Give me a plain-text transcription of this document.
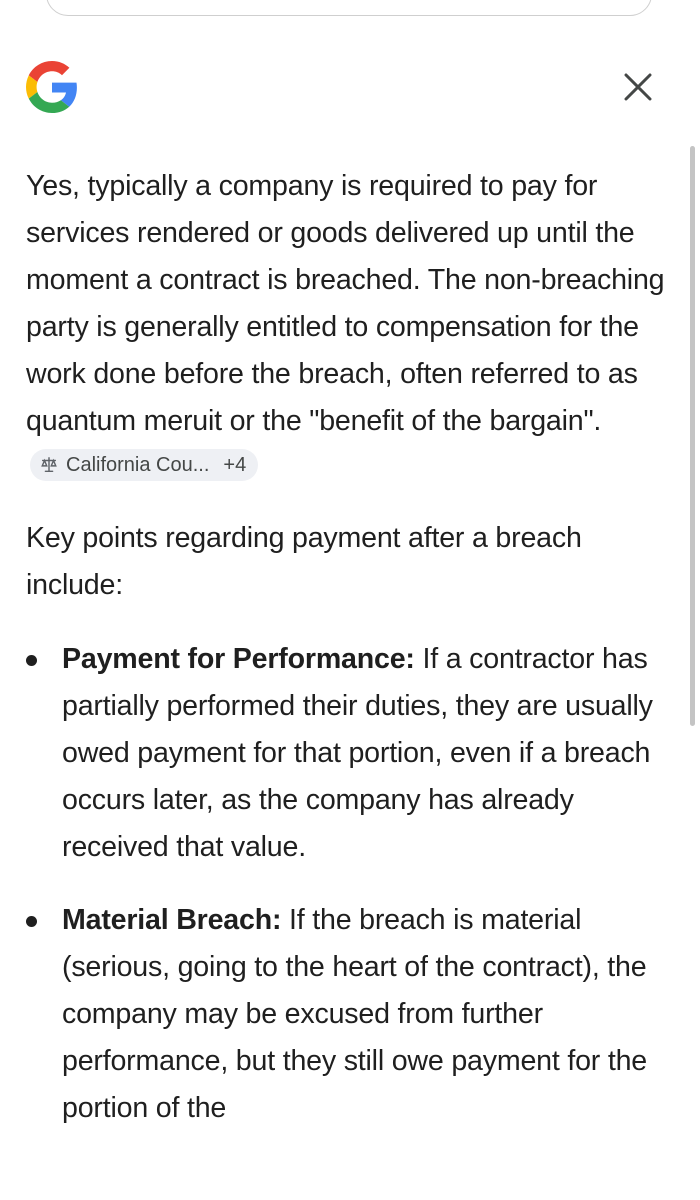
Yes, typically a company is required to pay for services rendered or goods delivered up until the moment a contract is breached. The non-breaching party is generally entitled to compensation for the work done before the breach, often referred to as quantum meruit or the "benefit of the bargain".
California Cou... +4

Key points regarding payment after a breach include:

Payment for Performance: If a contractor has partially performed their duties, they are usually owed payment for that portion, even if a breach occurs later, as the company has already received that value.
Material Breach: If the breach is material (serious, going to the heart of the contract), the company may be excused from further performance, but they still owe payment for the portion of the
